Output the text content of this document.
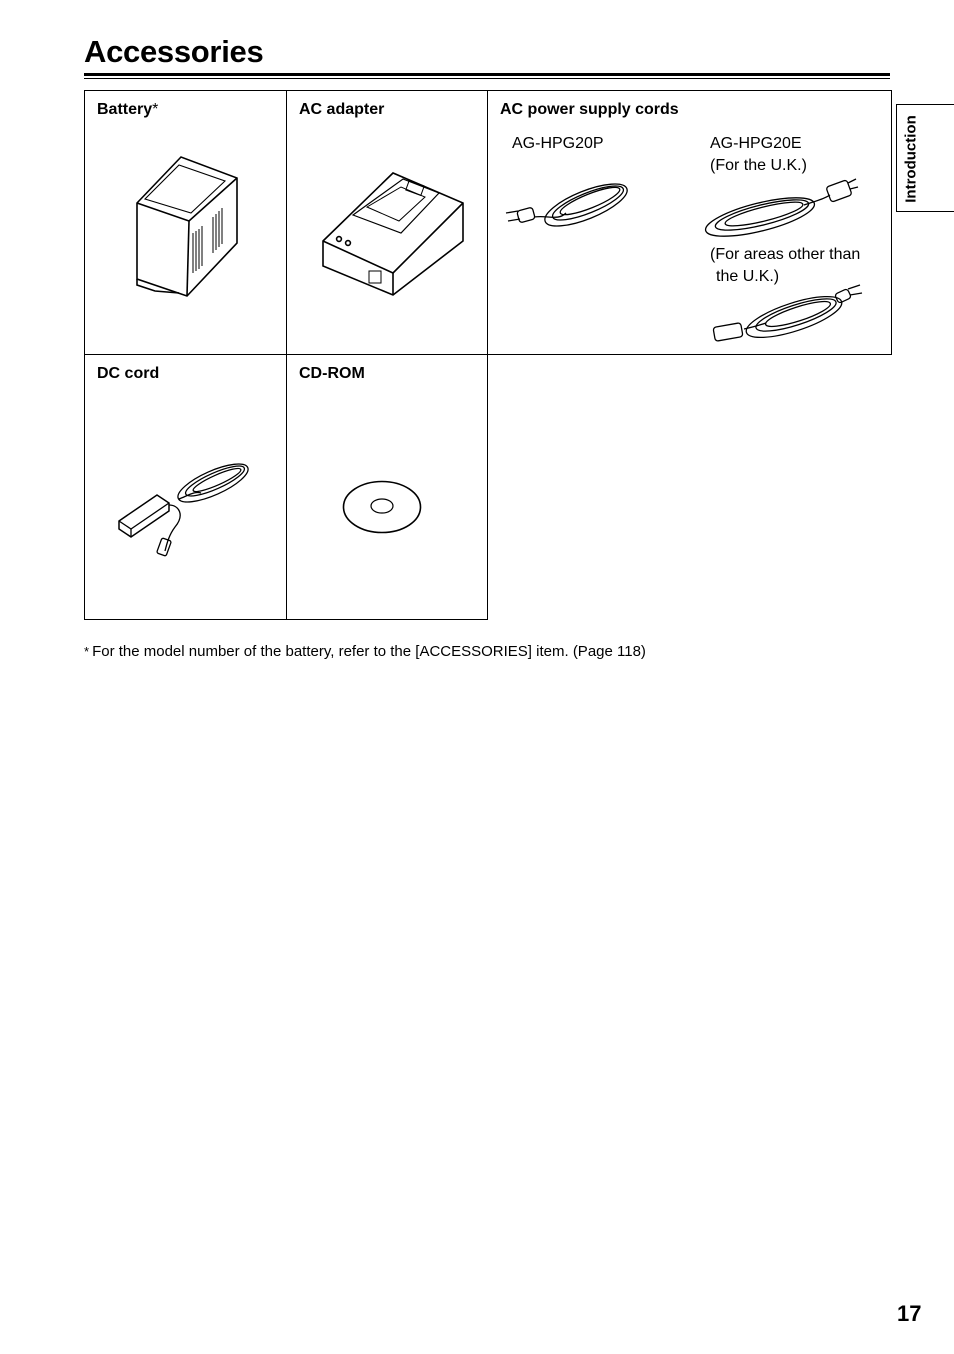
Accessories
Introduction
Battery*	AC adapter	AC power supply cords
AG-HPG20P	AG-HPG20E
(For the U.K.)
(For areas other than
the U.K.)
DC cord	CD-ROM
* For the model number of the battery, refer to the [ACCESSORIES] item. (Page 118)
17
